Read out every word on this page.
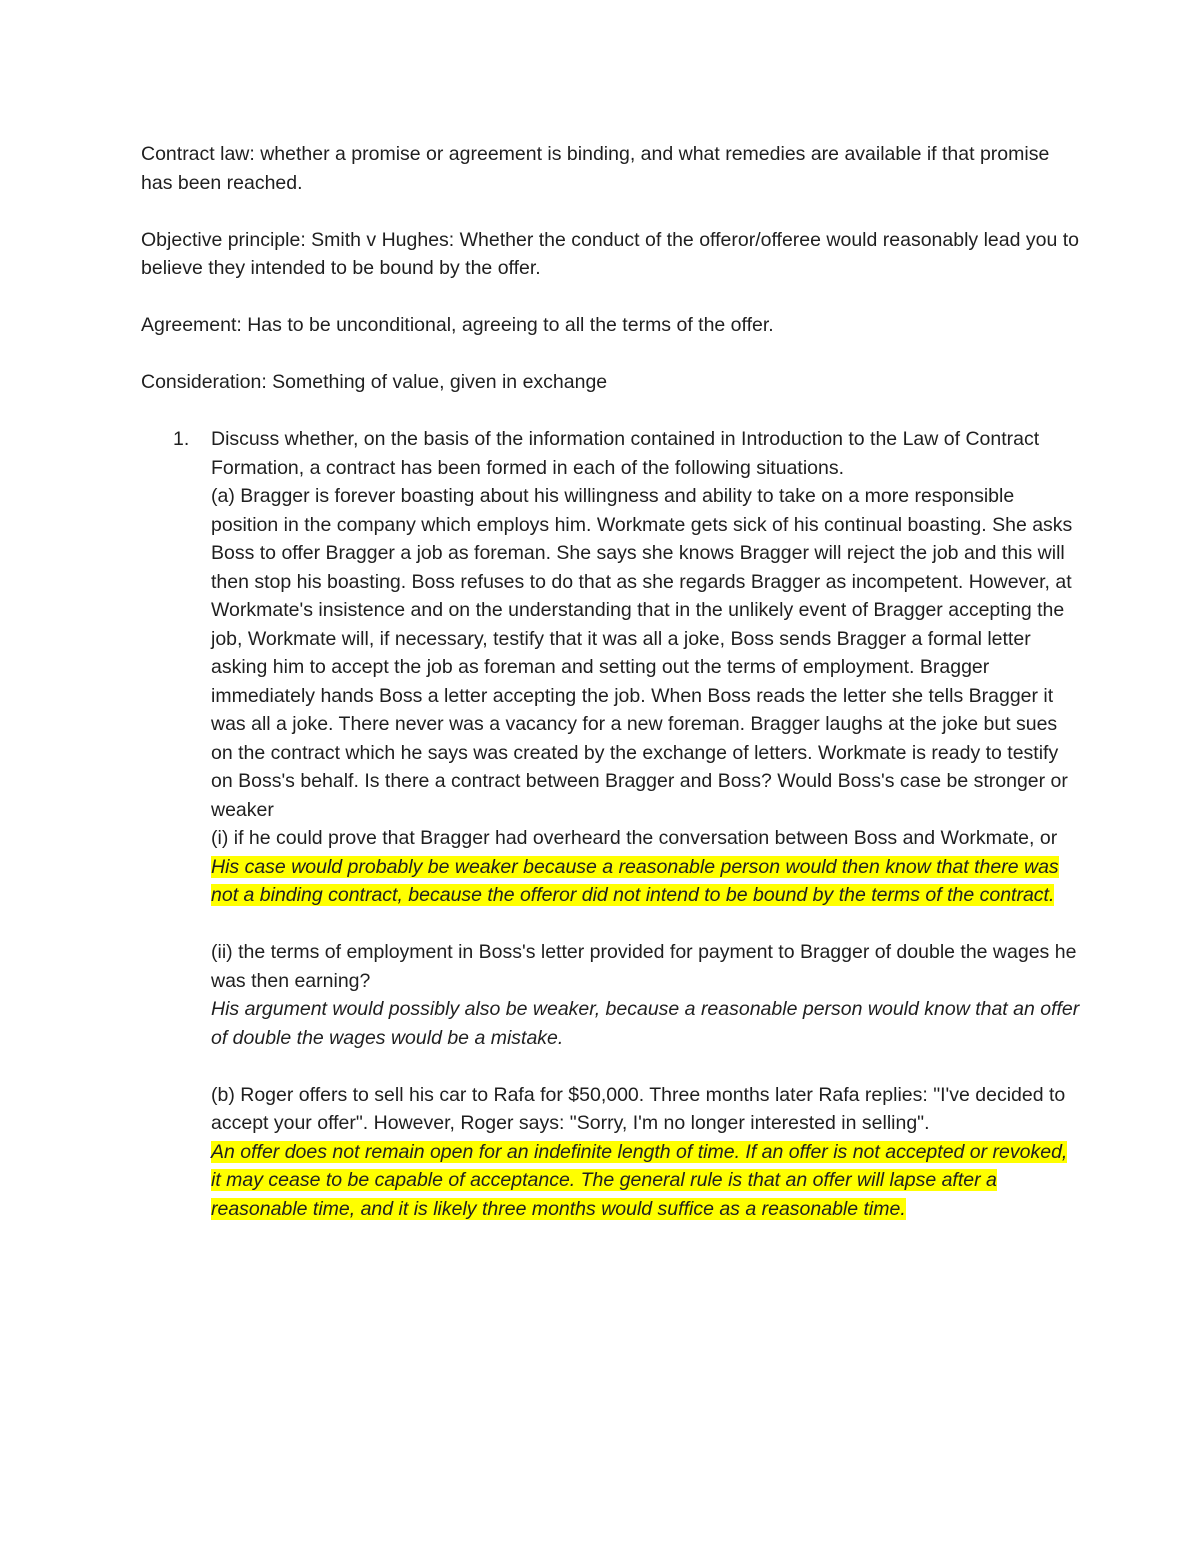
Contract law: whether a promise or agreement is binding, and what remedies are available if that promise has been reached.

Objective principle: Smith v Hughes: Whether the conduct of the offeror/offeree would reasonably lead you to believe they intended to be bound by the offer.

Agreement: Has to be unconditional, agreeing to all the terms of the offer.

Consideration: Something of value, given in exchange

1. Discuss whether, on the basis of the information contained in Introduction to the Law of Contract Formation, a contract has been formed in each of the following situations.
(a) Bragger is forever boasting about his willingness and ability to take on a more responsible position in the company which employs him. Workmate gets sick of his continual boasting. She asks Boss to offer Bragger a job as foreman. She says she knows Bragger will reject the job and this will then stop his boasting. Boss refuses to do that as she regards Bragger as incompetent. However, at Workmate's insistence and on the understanding that in the unlikely event of Bragger accepting the job, Workmate will, if necessary, testify that it was all a joke, Boss sends Bragger a formal letter asking him to accept the job as foreman and setting out the terms of employment. Bragger immediately hands Boss a letter accepting the job. When Boss reads the letter she tells Bragger it was all a joke. There never was a vacancy for a new foreman. Bragger laughs at the joke but sues on the contract which he says was created by the exchange of letters. Workmate is ready to testify on Boss's behalf. Is there a contract between Bragger and Boss? Would Boss's case be stronger or weaker
(i) if he could prove that Bragger had overheard the conversation between Boss and Workmate, or
His case would probably be weaker because a reasonable person would then know that there was not a binding contract, because the offeror did not intend to be bound by the terms of the contract.
(ii) the terms of employment in Boss's letter provided for payment to Bragger of double the wages he was then earning?
His argument would possibly also be weaker, because a reasonable person would know that an offer of double the wages would be a mistake.
(b) Roger offers to sell his car to Rafa for $50,000. Three months later Rafa replies: "I've decided to accept your offer". However, Roger says: "Sorry, I'm no longer interested in selling".
An offer does not remain open for an indefinite length of time. If an offer is not accepted or revoked, it may cease to be capable of acceptance. The general rule is that an offer will lapse after a reasonable time, and it is likely three months would suffice as a reasonable time.
